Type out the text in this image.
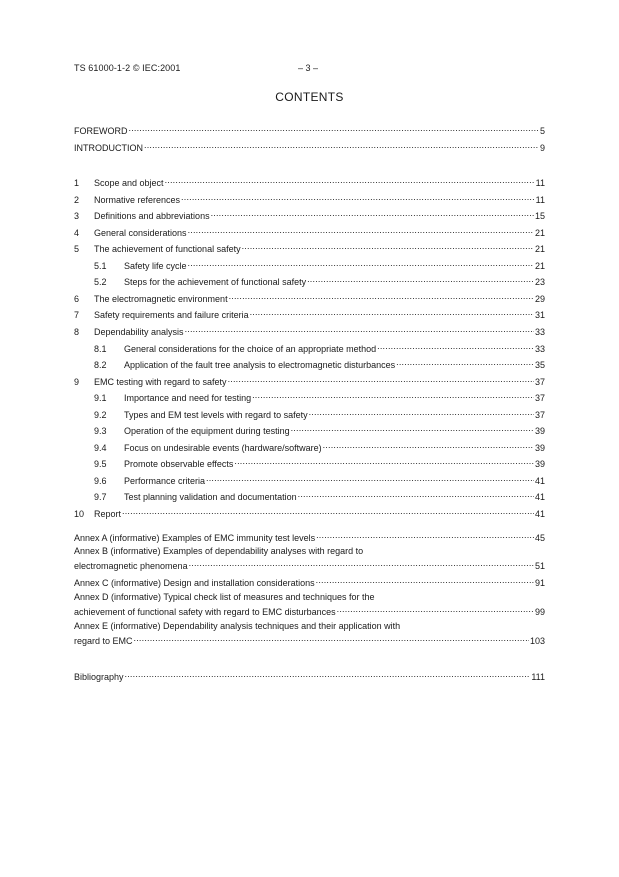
TS 61000-1-2 © IEC:2001	– 3 –
CONTENTS
FOREWORD .....	5
INTRODUCTION .....	9
1	Scope and object .....	11
2	Normative references .....	11
3	Definitions and abbreviations .....	15
4	General considerations .....	21
5	The achievement of functional safety .....	21
5.1	Safety life cycle .....	21
5.2	Steps for the achievement of functional safety .....	23
6	The electromagnetic environment .....	29
7	Safety requirements and failure criteria .....	31
8	Dependability analysis .....	33
8.1	General considerations for the choice of an appropriate method .....	33
8.2	Application of the fault tree analysis to electromagnetic disturbances .....	35
9	EMC testing with regard to safety .....	37
9.1	Importance and need for testing .....	37
9.2	Types and EM test levels with regard to safety .....	37
9.3	Operation of the equipment during testing .....	39
9.4	Focus on undesirable events (hardware/software) .....	39
9.5	Promote observable effects .....	39
9.6	Performance criteria .....	41
9.7	Test planning validation and documentation .....	41
10	Report .....	41
Annex A (informative) Examples of EMC immunity test levels .....	45
Annex B (informative) Examples of dependability analyses with regard to
electromagnetic phenomena .....	51
Annex C (informative) Design and installation considerations .....	91
Annex D (informative) Typical check list of measures and techniques for the
achievement of functional safety with regard to EMC disturbances .....	99
Annex E (informative) Dependability analysis techniques and their application with
regard to EMC .....	103
Bibliography .....	111
